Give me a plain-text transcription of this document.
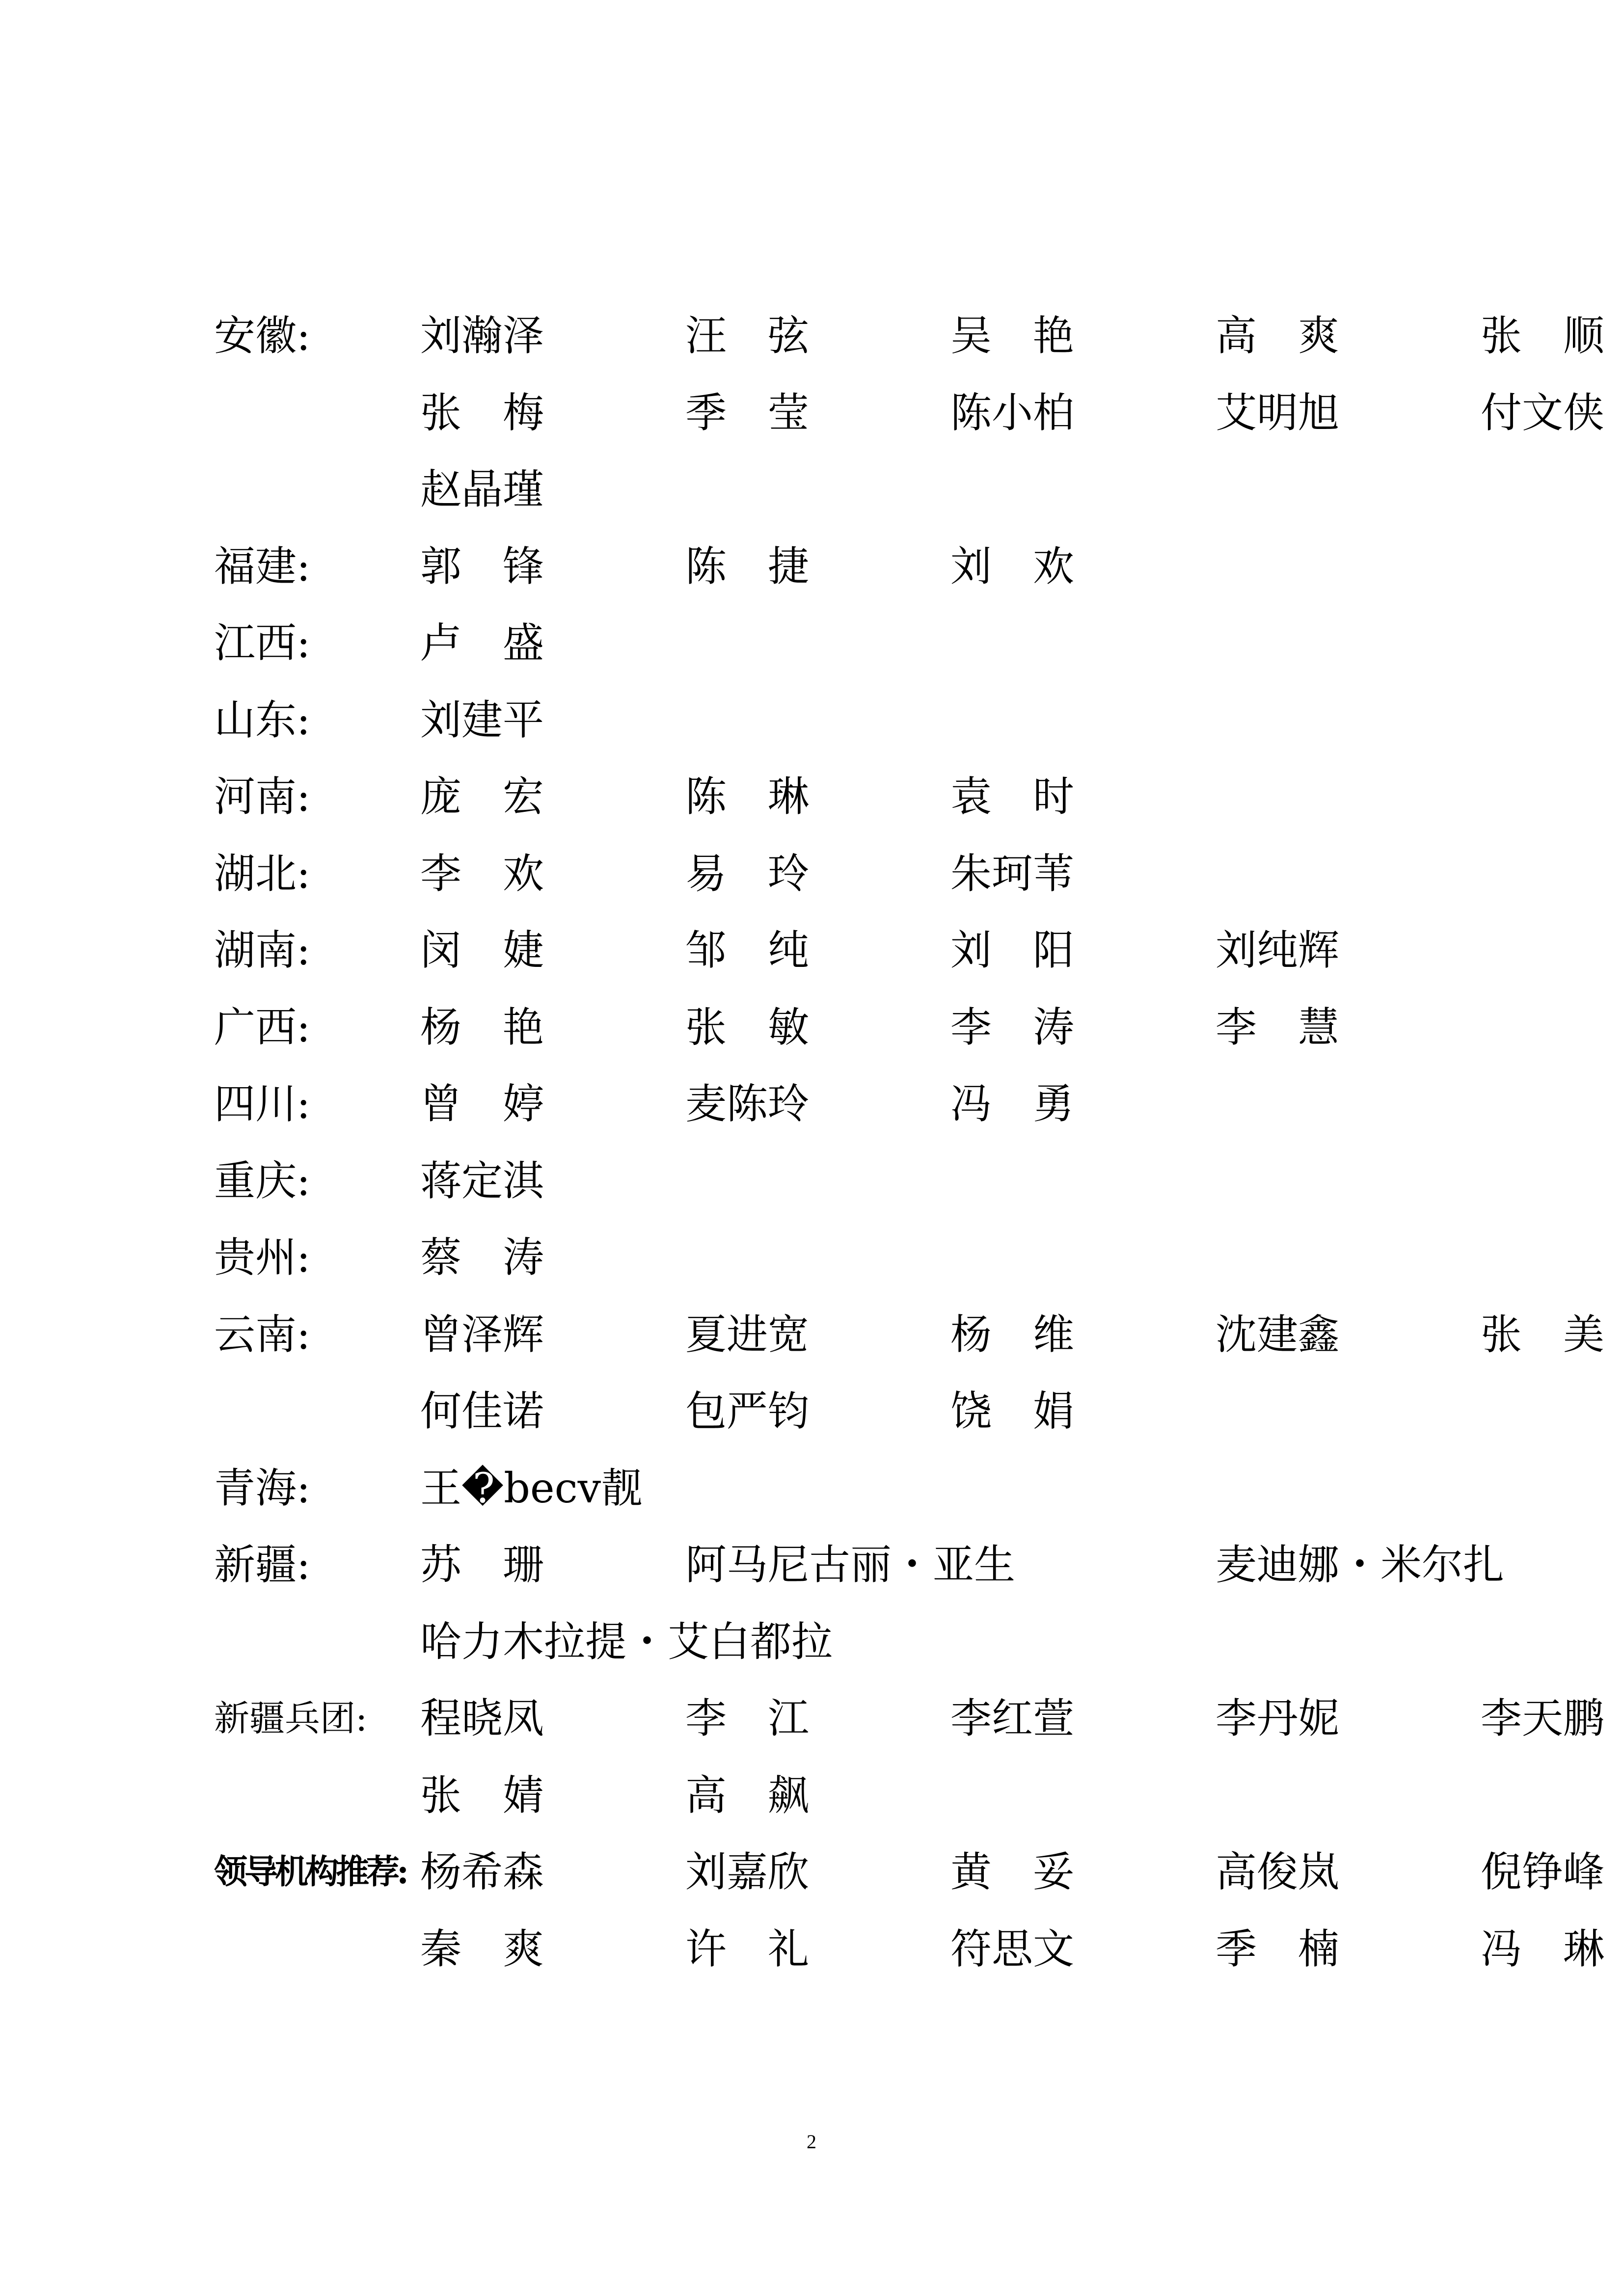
安徽:	刘瀚泽	汪　弦	吴　艳	高　爽	张　顺
张　梅	季　莹	陈小柏	艾明旭	付文侠
赵晶瑾
福建:	郭　锋	陈　捷	刘　欢
江西:	卢　盛
山东:	刘建平
河南:	庞　宏	陈　琳	袁　时
湖北:	李　欢	易　玲	朱珂苇
湖南:	闵　婕	邹　纯	刘　阳	刘纯辉
广西:	杨　艳	张　敏	李　涛	李　慧
四川:	曾　婷	麦陈玲	冯　勇
重庆:	蒋定淇
贵州:	蔡　涛
云南:	曾泽辉	夏进宽	杨　维	沈建鑫	张　美
何佳诺	包严钧	饶　娟
青海:	王�becv靓
新疆:	苏　珊	阿马尼古丽・亚生	麦迪娜・米尔扎
哈力木拉提・艾白都拉
新疆兵团: 程晓凤	李　江	李红萱	李丹妮	李天鹏
张　婧	高　飙
领导机构推荐: 杨希森	刘嘉欣	黄　妥	高俊岚	倪铮峰
秦　爽	许　礼	符思文	季　楠	冯　琳
2
